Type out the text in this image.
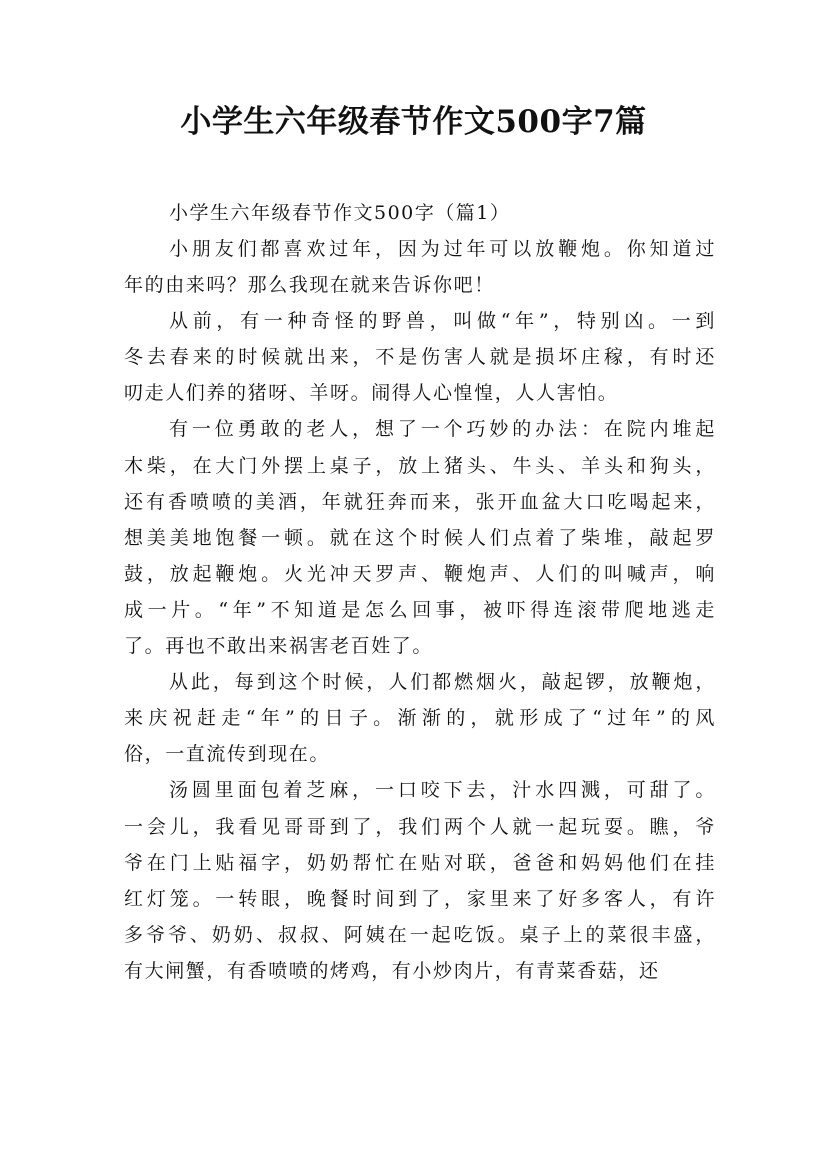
小学生六年级春节作文500字7篇
小学生六年级春节作文500字（篇1）
小朋友们都喜欢过年，因为过年可以放鞭炮。你知道过
年的由来吗？那么我现在就来告诉你吧！
从前，有一种奇怪的野兽，叫做“年”，特别凶。一到
冬去春来的时候就出来，不是伤害人就是损坏庄稼，有时还
叨走人们养的猪呀、羊呀。闹得人心惶惶，人人害怕。
有一位勇敢的老人，想了一个巧妙的办法：在院内堆起
木柴，在大门外摆上桌子，放上猪头、牛头、羊头和狗头，
还有香喷喷的美酒，年就狂奔而来，张开血盆大口吃喝起来，
想美美地饱餐一顿。就在这个时候人们点着了柴堆，敲起罗
鼓，放起鞭炮。火光冲天罗声、鞭炮声、人们的叫喊声，响
成一片。“年”不知道是怎么回事，被吓得连滚带爬地逃走
了。再也不敢出来祸害老百姓了。
从此，每到这个时候，人们都燃烟火，敲起锣，放鞭炮，
来庆祝赶走“年”的日子。渐渐的，就形成了“过年”的风
俗，一直流传到现在。
汤圆里面包着芝麻，一口咬下去，汁水四溅，可甜了。
一会儿，我看见哥哥到了，我们两个人就一起玩耍。瞧，爷
爷在门上贴福字，奶奶帮忙在贴对联，爸爸和妈妈他们在挂
红灯笼。一转眼，晚餐时间到了，家里来了好多客人，有许
多爷爷、奶奶、叔叔、阿姨在一起吃饭。桌子上的菜很丰盛，
有大闸蟹，有香喷喷的烤鸡，有小炒肉片，有青菜香菇，还
